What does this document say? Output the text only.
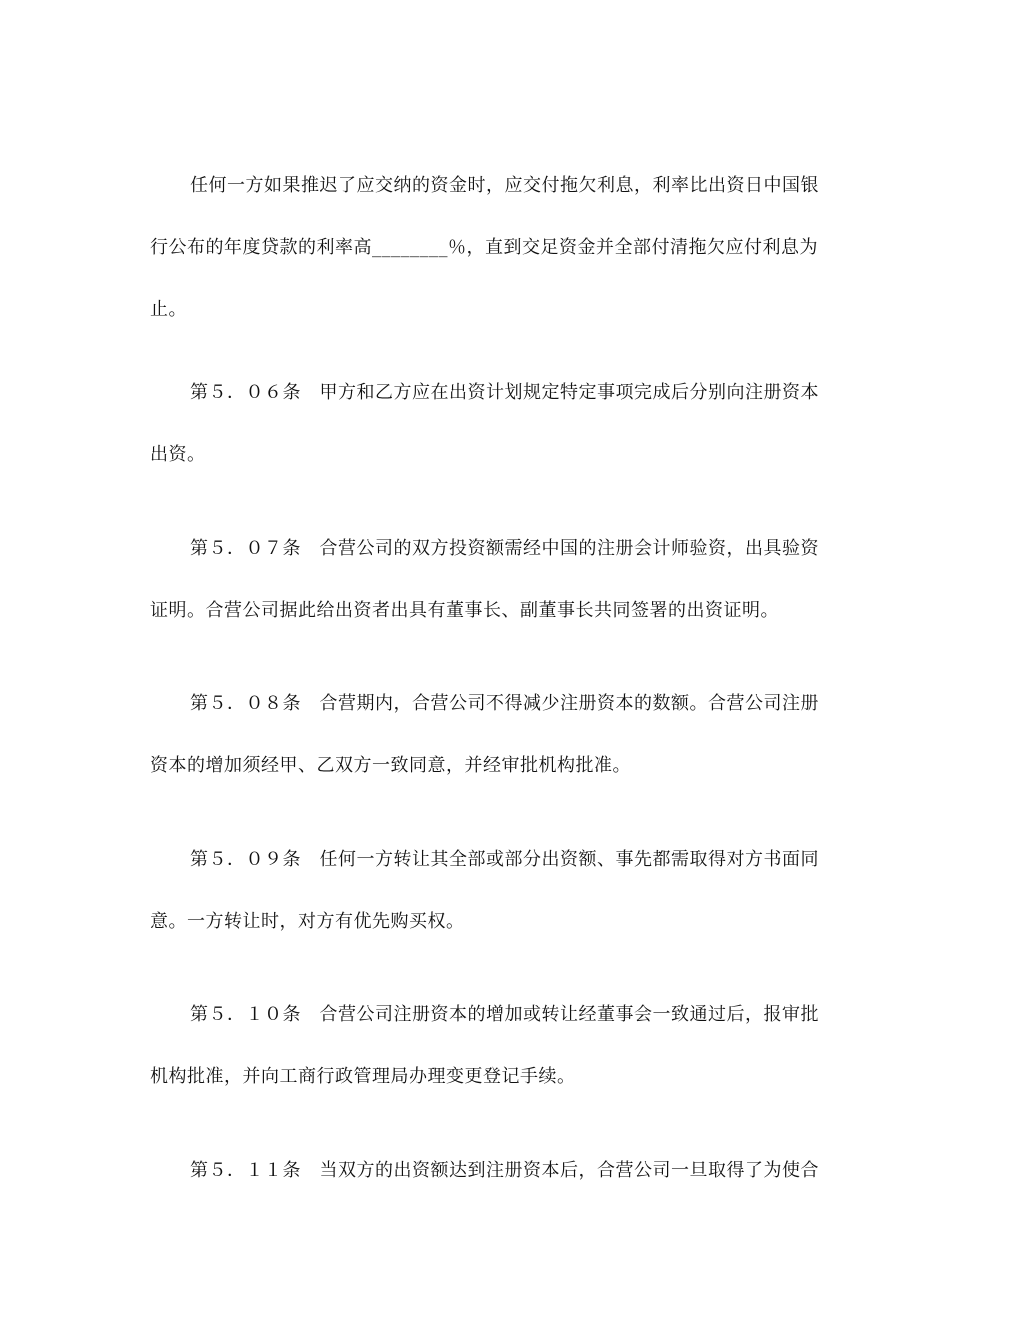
任何一方如果推迟了应交纳的资金时，应交付拖欠利息，利率比出资日中国银
行公布的年度贷款的利率高________％，直到交足资金并全部付清拖欠应付利息为
止。
第５．０６条　甲方和乙方应在出资计划规定特定事项完成后分别向注册资本
出资。
第５．０７条　合营公司的双方投资额需经中国的注册会计师验资，出具验资
证明。合营公司据此给出资者出具有董事长、副董事长共同签署的出资证明。
第５．０８条　合营期内，合营公司不得减少注册资本的数额。合营公司注册
资本的增加须经甲、乙双方一致同意，并经审批机构批准。
第５．０９条　任何一方转让其全部或部分出资额、事先都需取得对方书面同
意。一方转让时，对方有优先购买权。
第５．１０条　合营公司注册资本的增加或转让经董事会一致通过后，报审批
机构批准，并向工商行政管理局办理变更登记手续。
第５．１１条　当双方的出资额达到注册资本后，合营公司一旦取得了为使合
